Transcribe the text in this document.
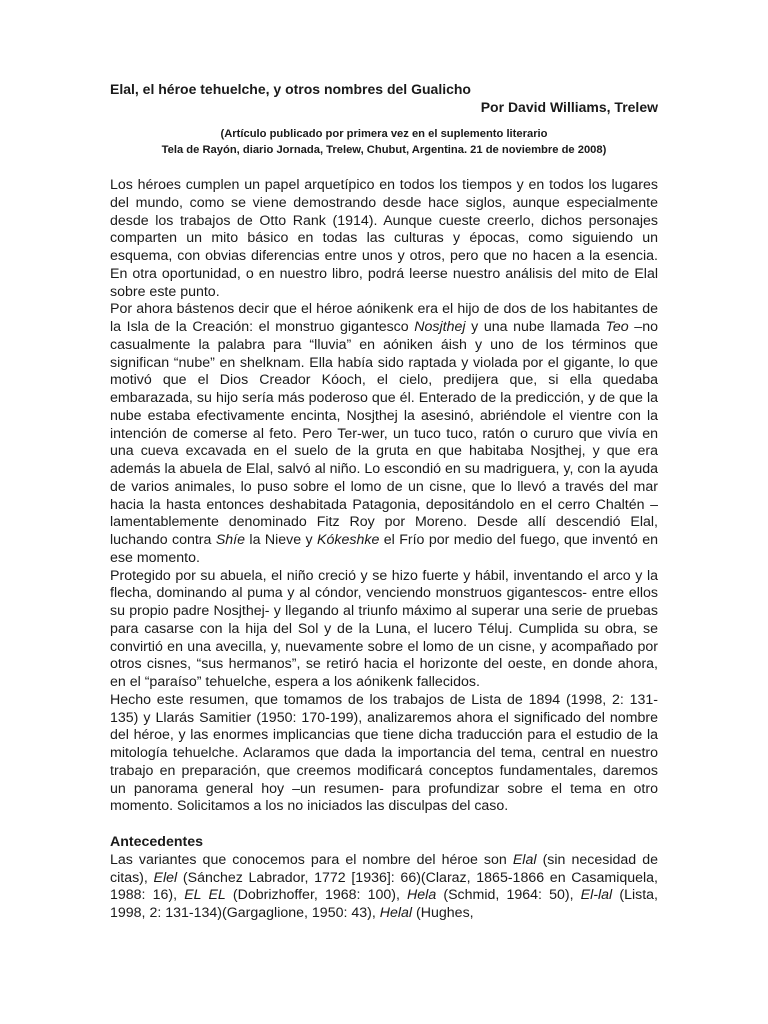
Elal, el héroe tehuelche, y otros nombres del Gualicho
Por David Williams, Trelew
(Artículo publicado por primera vez en el suplemento literario
Tela de Rayón, diario Jornada, Trelew, Chubut, Argentina. 21 de noviembre de 2008)

Los héroes cumplen un papel arquetípico en todos los tiempos y en todos los lugares del mundo, como se viene demostrando desde hace siglos, aunque especialmente desde los trabajos de Otto Rank (1914). Aunque cueste creerlo, dichos personajes comparten un mito básico en todas las culturas y épocas, como siguiendo un esquema, con obvias diferencias entre unos y otros, pero que no hacen a la esencia. En otra oportunidad, o en nuestro libro, podrá leerse nuestro análisis del mito de Elal sobre este punto.

Por ahora bástenos decir que el héroe aónikenk era el hijo de dos de los habitantes de la Isla de la Creación: el monstruo gigantesco Nosjthej y una nube llamada Teo –no casualmente la palabra para “lluvia” en aóniken áish y uno de los términos que significan “nube” en shelknam. Ella había sido raptada y violada por el gigante, lo que motivó que el Dios Creador Kóoch, el cielo, predijera que, si ella quedaba embarazada, su hijo sería más poderoso que él. Enterado de la predicción, y de que la nube estaba efectivamente encinta, Nosjthej la asesinó, abriéndole el vientre con la intención de comerse al feto. Pero Ter-wer, un tuco tuco, ratón o cururo que vivía en una cueva excavada en el suelo de la gruta en que habitaba Nosjthej, y que era además la abuela de Elal, salvó al niño. Lo escondió en su madriguera, y, con la ayuda de varios animales, lo puso sobre el lomo de un cisne, que lo llevó a través del mar hacia la hasta entonces deshabitada Patagonia, depositándolo en el cerro Chaltén – lamentablemente denominado Fitz Roy por Moreno. Desde allí descendió Elal, luchando contra Shíe la Nieve y Kókeshke el Frío por medio del fuego, que inventó en ese momento.

Protegido por su abuela, el niño creció y se hizo fuerte y hábil, inventando el arco y la flecha, dominando al puma y al cóndor, venciendo monstruos gigantescos- entre ellos su propio padre Nosjthej- y llegando al triunfo máximo al superar una serie de pruebas para casarse con la hija del Sol y de la Luna, el lucero Téluj. Cumplida su obra, se convirtió en una avecilla, y, nuevamente sobre el lomo de un cisne, y acompañado por otros cisnes, “sus hermanos”, se retiró hacia el horizonte del oeste, en donde ahora, en el “paraíso” tehuelche, espera a los aónikenk fallecidos.

Hecho este resumen, que tomamos de los trabajos de Lista de 1894 (1998, 2: 131-135) y Llarás Samitier (1950: 170-199), analizaremos ahora el significado del nombre del héroe, y las enormes implicancias que tiene dicha traducción para el estudio de la mitología tehuelche. Aclaramos que dada la importancia del tema, central en nuestro trabajo en preparación, que creemos modificará conceptos fundamentales, daremos un panorama general hoy –un resumen- para profundizar sobre el tema en otro momento. Solicitamos a los no iniciados las disculpas del caso.

Antecedentes

Las variantes que conocemos para el nombre del héroe son Elal (sin necesidad de citas), Elel (Sánchez Labrador, 1772 [1936]: 66)(Claraz, 1865-1866 en Casamiquela, 1988: 16), EL EL (Dobrizhoffer, 1968: 100), Hela (Schmid, 1964: 50), El-lal (Lista, 1998, 2: 131-134)(Gargaglione, 1950: 43), Helal (Hughes,
